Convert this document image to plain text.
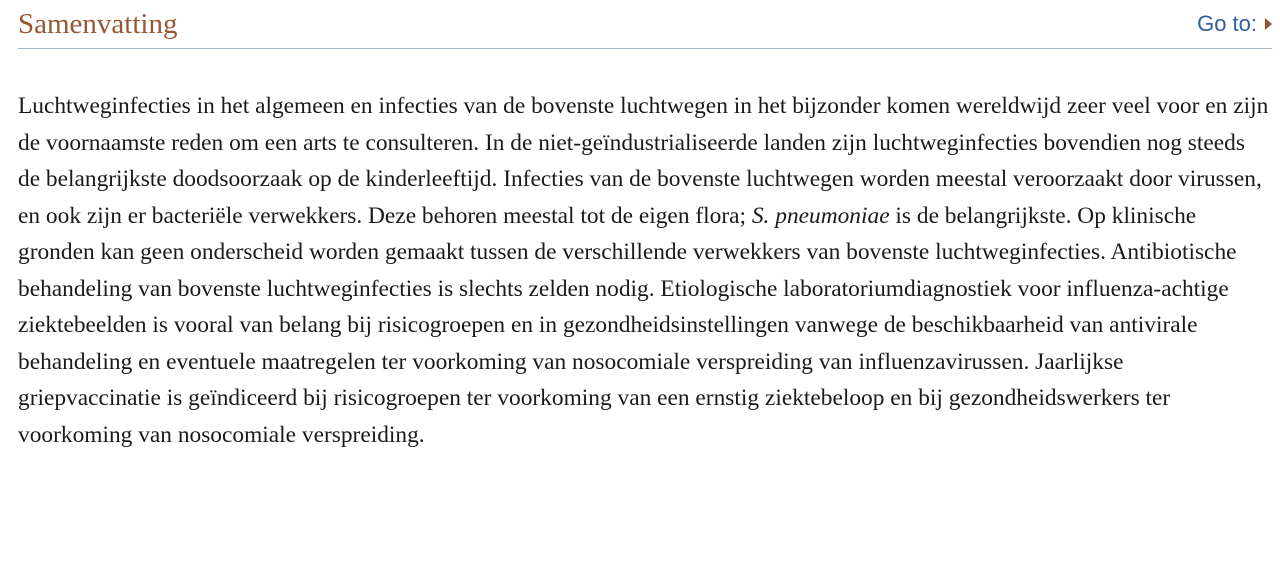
Samenvatting	Go to:

Luchtweginfecties in het algemeen en infecties van de bovenste luchtwegen in het bijzonder komen wereldwijd zeer veel voor en zijn de voornaamste reden om een arts te consulteren. In de niet-geïndustrialiseerde landen zijn luchtweginfecties bovendien nog steeds de belangrijkste doodsoorzaak op de kinderleeftijd. Infecties van de bovenste luchtwegen worden meestal veroorzaakt door virussen, en ook zijn er bacteriële verwekkers. Deze behoren meestal tot de eigen flora; S. pneumoniae is de belangrijkste. Op klinische gronden kan geen onderscheid worden gemaakt tussen de verschillende verwekkers van bovenste luchtweginfecties. Antibiotische behandeling van bovenste luchtweginfecties is slechts zelden nodig. Etiologische laboratoriumdiagnostiek voor influenza-achtige ziektebeelden is vooral van belang bij risicogroepen en in gezondheidsinstellingen vanwege de beschikbaarheid van antivirale behandeling en eventuele maatregelen ter voorkoming van nosocomiale verspreiding van influenzavirussen. Jaarlijkse griepvaccinatie is geïndiceerd bij risicogroepen ter voorkoming van een ernstig ziektebeloop en bij gezondheidswerkers ter voorkoming van nosocomiale verspreiding.
